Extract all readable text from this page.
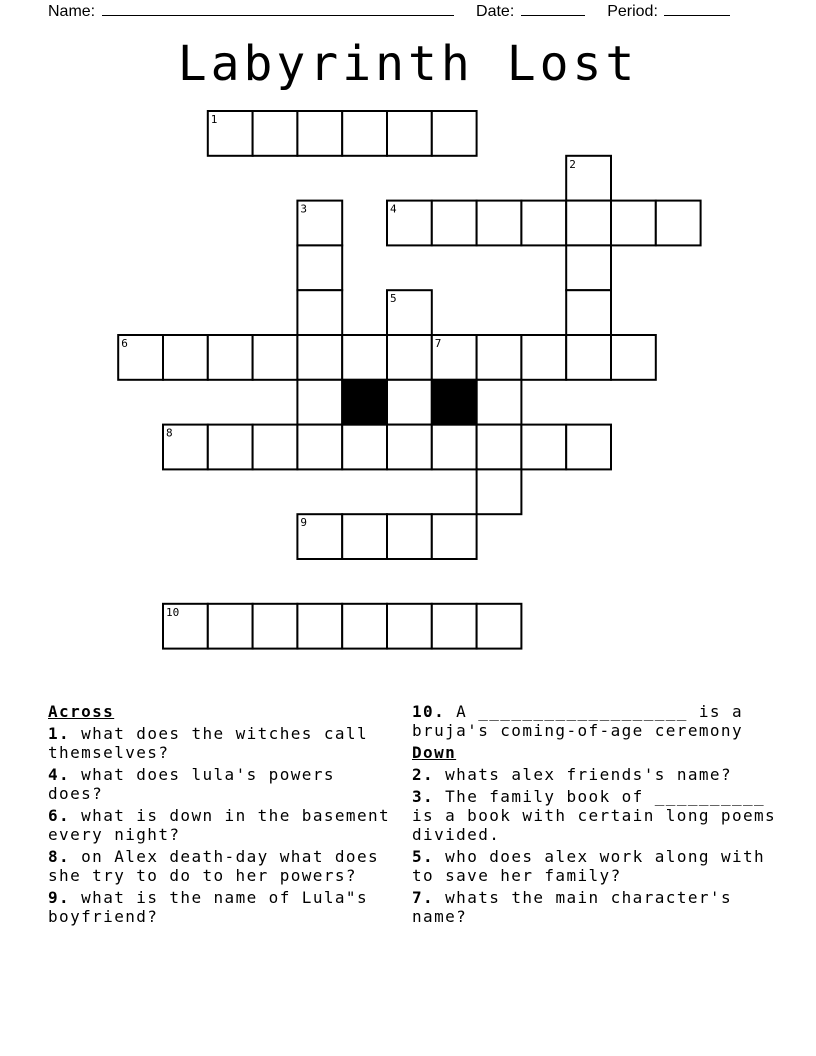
Name:	Date:	Period:
Labyrinth Lost
1
2
3	4
5
6	7
8
9
10
Across
1. what does the witches call themselves?
4. what does lula's powers does?
6. what is down in the basement every night?
8. on Alex death-day what does she try to do to her powers?
9. what is the name of Lula"s boyfriend?
10. A ___________________ is a bruja's coming-of-age ceremony
Down
2. whats alex friends's name?
3. The family book of __________ is a book with certain long poems divided.
5. who does alex work along with to save her family?
7. whats the main character's name?
